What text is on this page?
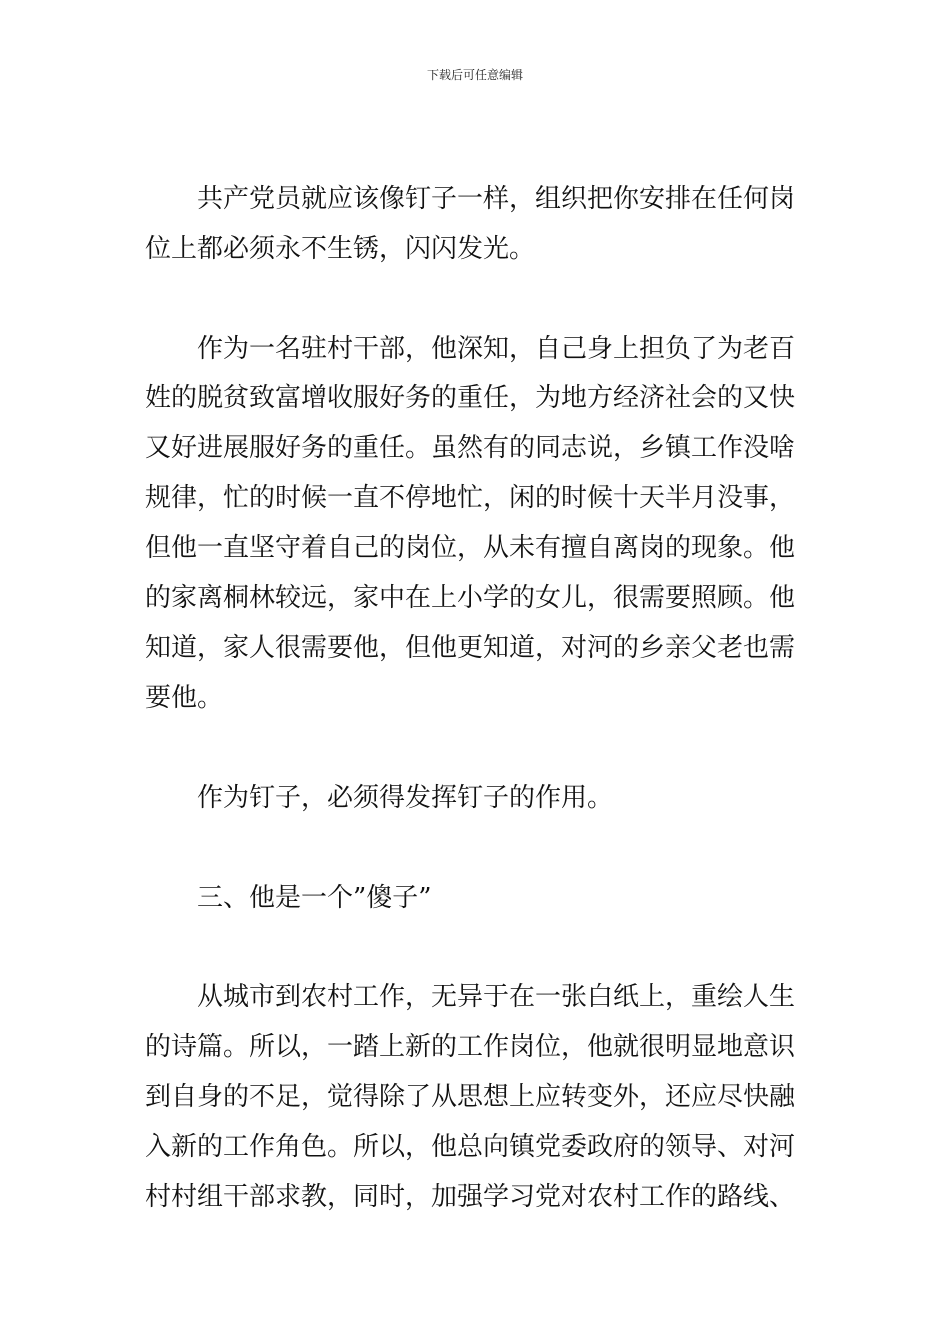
下载后可任意编辑
共产党员就应该像钉子一样，组织把你安排在任何岗
位上都必须永不生锈，闪闪发光。
作为一名驻村干部，他深知，自己身上担负了为老百
姓的脱贫致富增收服好务的重任，为地方经济社会的又快
又好进展服好务的重任。虽然有的同志说，乡镇工作没啥
规律，忙的时候一直不停地忙，闲的时候十天半月没事，
但他一直坚守着自己的岗位，从未有擅自离岗的现象。他
的家离桐林较远，家中在上小学的女儿，很需要照顾。他
知道，家人很需要他，但他更知道，对河的乡亲父老也需
要他。
作为钉子，必须得发挥钉子的作用。
三、他是一个”傻子”
从城市到农村工作，无异于在一张白纸上，重绘人生
的诗篇。所以，一踏上新的工作岗位，他就很明显地意识
到自身的不足，觉得除了从思想上应转变外，还应尽快融
入新的工作角色。所以，他总向镇党委政府的领导、对河
村村组干部求教，同时，加强学习党对农村工作的路线、
